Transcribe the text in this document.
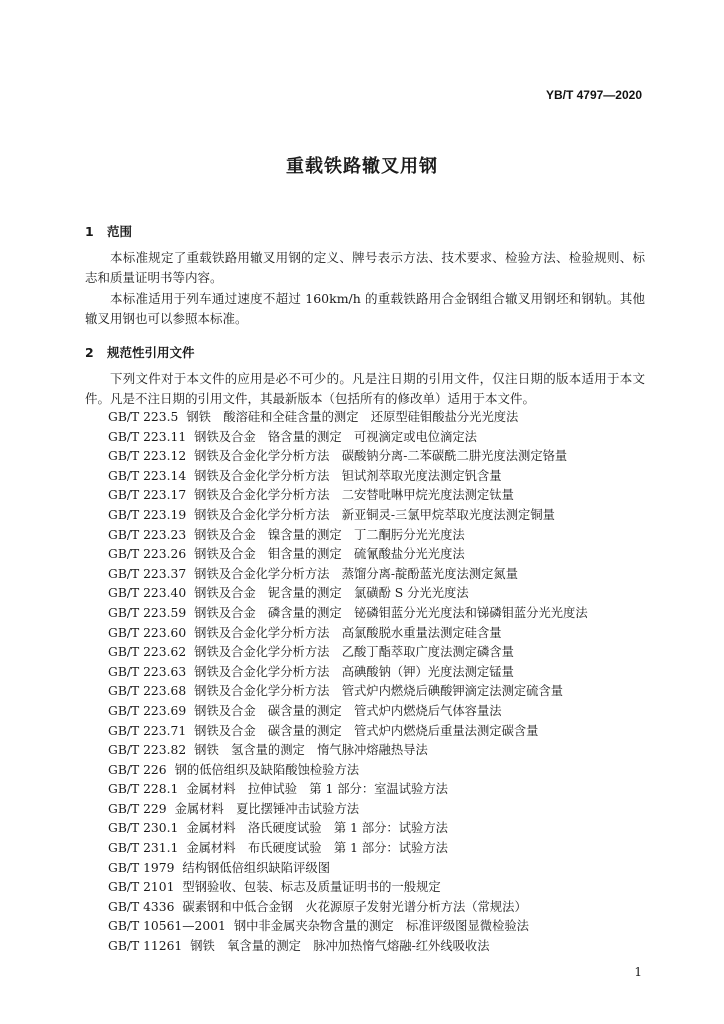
YB/T 4797—2020
重载铁路辙叉用钢
1 范围

本标准规定了重载铁路用辙叉用钢的定义、牌号表示方法、技术要求、检验方法、检验规则、标志和质量证明书等内容。

本标准适用于列车通过速度不超过 160km/h 的重载铁路用合金钢组合辙叉用钢坯和钢轨。其他辙叉用钢也可以参照本标准。

2 规范性引用文件

下列文件对于本文件的应用是必不可少的。凡是注日期的引用文件，仅注日期的版本适用于本文件。凡是不注日期的引用文件，其最新版本（包括所有的修改单）适用于本文件。

GB/T 223.5 钢铁　酸溶硅和全硅含量的测定　还原型硅钼酸盐分光光度法
GB/T 223.11 钢铁及合金　铬含量的测定　可视滴定或电位滴定法
GB/T 223.12 钢铁及合金化学分析方法　碳酸钠分离-二苯碳酰二肼光度法测定铬量
GB/T 223.14 钢铁及合金化学分析方法　钽试剂萃取光度法测定钒含量
GB/T 223.17 钢铁及合金化学分析方法　二安替吡啉甲烷光度法测定钛量
GB/T 223.19 钢铁及合金化学分析方法　新亚铜灵-三氯甲烷萃取光度法测定铜量
GB/T 223.23 钢铁及合金　镍含量的测定　丁二酮肟分光光度法
GB/T 223.26 钢铁及合金　钼含量的测定　硫氰酸盐分光光度法
GB/T 223.37 钢铁及合金化学分析方法　蒸馏分离-靛酚蓝光度法测定氮量
GB/T 223.40 钢铁及合金　铌含量的测定　氯磺酚 S 分光光度法
GB/T 223.59 钢铁及合金　磷含量的测定　铋磷钼蓝分光光度法和锑磷钼蓝分光光度法
GB/T 223.60 钢铁及合金化学分析方法　高氯酸脱水重量法测定硅含量
GB/T 223.62 钢铁及合金化学分析方法　乙酸丁酯萃取广度法测定磷含量
GB/T 223.63 钢铁及合金化学分析方法　高碘酸钠（钾）光度法测定锰量
GB/T 223.68 钢铁及合金化学分析方法　管式炉内燃烧后碘酸钾滴定法测定硫含量
GB/T 223.69 钢铁及合金　碳含量的测定　管式炉内燃烧后气体容量法
GB/T 223.71 钢铁及合金　碳含量的测定　管式炉内燃烧后重量法测定碳含量
GB/T 223.82 钢铁　氢含量的测定　惰气脉冲熔融热导法
GB/T 226 钢的低倍组织及缺陷酸蚀检验方法
GB/T 228.1 金属材料　拉伸试验　第 1 部分：室温试验方法
GB/T 229 金属材料　夏比摆锤冲击试验方法
GB/T 230.1 金属材料　洛氏硬度试验　第 1 部分：试验方法
GB/T 231.1 金属材料　布氏硬度试验　第 1 部分：试验方法
GB/T 1979 结构钢低倍组织缺陷评级图
GB/T 2101 型钢验收、包装、标志及质量证明书的一般规定
GB/T 4336 碳素钢和中低合金钢　火花源原子发射光谱分析方法（常规法）
GB/T 10561—2001 钢中非金属夹杂物含量的测定　标准评级图显微检验法
GB/T 11261 钢铁　氧含量的测定　脉冲加热惰气熔融-红外线吸收法
1
